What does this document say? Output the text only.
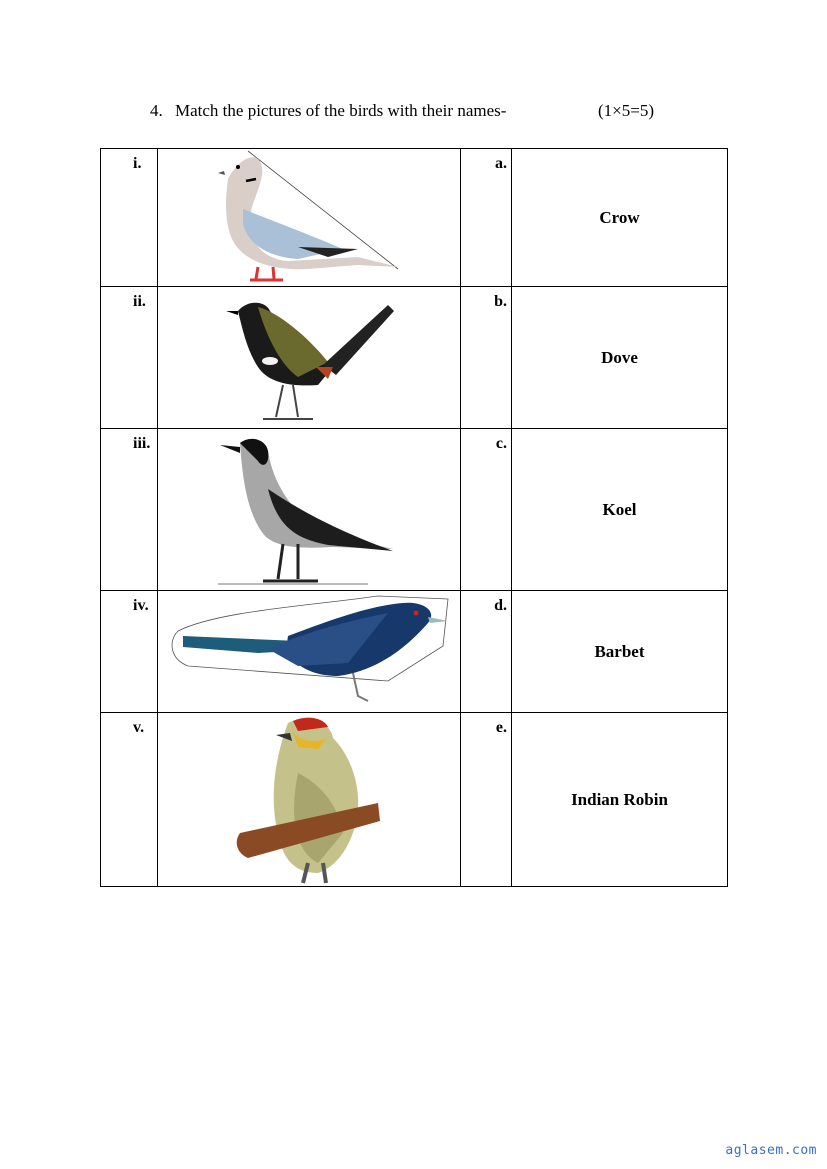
4. Match the pictures of the birds with their names-	(1×5=5)
i.		a.	Crow
ii.		b.	Dove
iii.		c.	Koel
iv.		d.	Barbet
v.		e.	Indian Robin
aglasem.com
